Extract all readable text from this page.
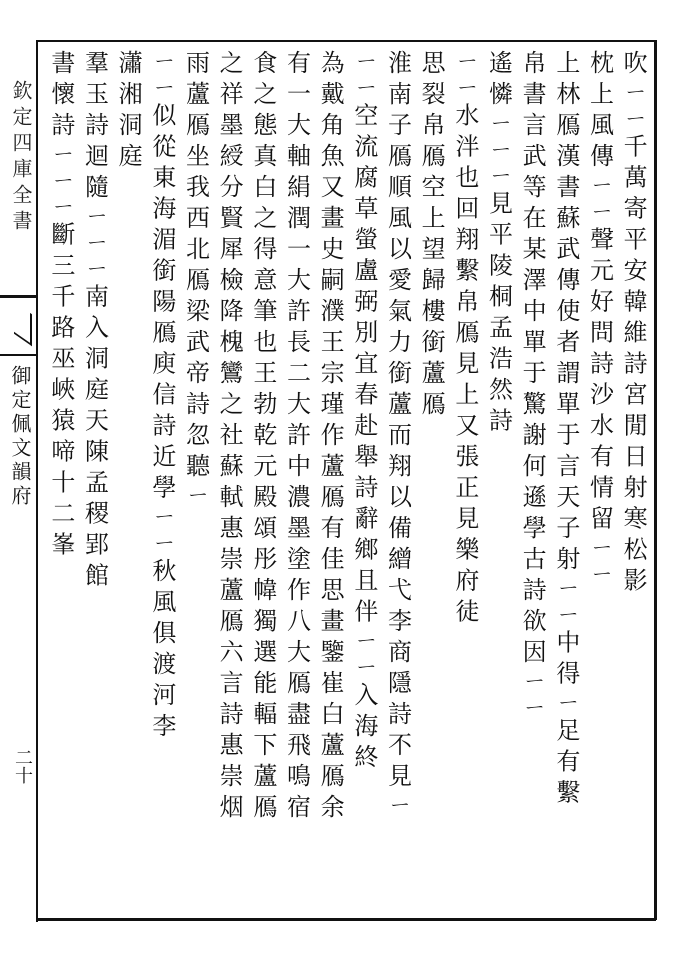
欽定四庫全書
御定佩文韻府
二十
吹ㄧㄧ千萬寄平安韓維詩宮閒日射寒松影
枕上風傳ㄧㄧ聲元好問詩沙水有情留ㄧㄧ
上林鴈漢書蘇武傳使者謂單于言天子射ㄧㄧ中得ㄧ足有繫
帛書言武等在某澤中單于驚謝何遜學古詩欲因ㄧㄧ
遙憐ㄧㄧㄧ見平陵桐孟浩然詩
ㄧㄧ水泮也回翔繫帛鴈見上又張正見樂府徒
思裂帛鴈空上望歸樓銜蘆鴈
淮南子鴈順風以愛氣力銜蘆而翔以備繒弋李商隱詩不見ㄧ
ㄧㄧ空流腐草螢盧弼別宜春赴舉詩辭鄉且伴ㄧㄧ入海終
為戴角魚又畫史嗣濮王宗瑾作蘆鴈有佳思畫鑒崔白蘆鴈余
有一大軸絹潤一大許長二大許中濃墨塗作八大鴈盡飛鳴宿
食之態真白之得意筆也王勃乾元殿頌彤幃獨選能輻下蘆鴈
之祥墨綬分賢犀檢降槐鸞之社蘇軾惠崇蘆鴈六言詩惠崇烟
雨蘆鴈坐我西北鴈梁武帝詩忽聽ㄧ
ㄧㄧ似從東海湄銜陽鴈庾信詩近學ㄧㄧ秋風俱渡河李
瀟湘洞庭
羣玉詩迴隨ㄧㄧㄧ南入洞庭天陳孟稷郢館
書懷詩ㄧㄧㄧ斷三千路巫峽猿啼十二峯
